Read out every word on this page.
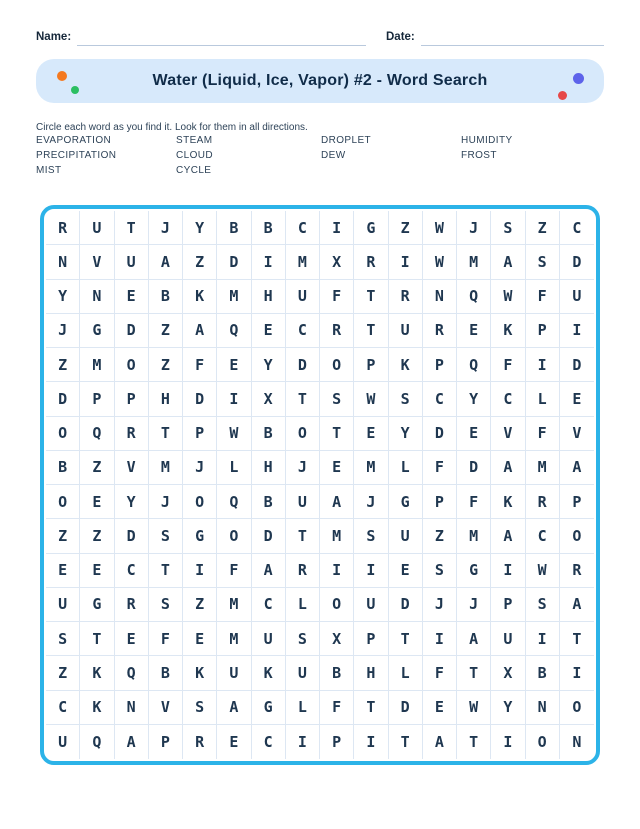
Name:	Date:
Water (Liquid, Ice, Vapor) #2 - Word Search
Circle each word as you find it. Look for them in all directions.
EVAPORATION	STEAM	DROPLET	HUMIDITY
PRECIPITATION	CLOUD	DEW	FROST
MIST	CYCLE
R	U	T	J	Y	B	B	C	I	G	Z	W	J	S	Z	C
N	V	U	A	Z	D	I	M	X	R	I	W	M	A	S	D
Y	N	E	B	K	M	H	U	F	T	R	N	Q	W	F	U
J	G	D	Z	A	Q	E	C	R	T	U	R	E	K	P	I
Z	M	O	Z	F	E	Y	D	O	P	K	P	Q	F	I	D
D	P	P	H	D	I	X	T	S	W	S	C	Y	C	L	E
O	Q	R	T	P	W	B	O	T	E	Y	D	E	V	F	V
B	Z	V	M	J	L	H	J	E	M	L	F	D	A	M	A
O	E	Y	J	O	Q	B	U	A	J	G	P	F	K	R	P
Z	Z	D	S	G	O	D	T	M	S	U	Z	M	A	C	O
E	E	C	T	I	F	A	R	I	I	E	S	G	I	W	R
U	G	R	S	Z	M	C	L	O	U	D	J	J	P	S	A
S	T	E	F	E	M	U	S	X	P	T	I	A	U	I	T
Z	K	Q	B	K	U	K	U	B	H	L	F	T	X	B	I
C	K	N	V	S	A	G	L	F	T	D	E	W	Y	N	O
U	Q	A	P	R	E	C	I	P	I	T	A	T	I	O	N
